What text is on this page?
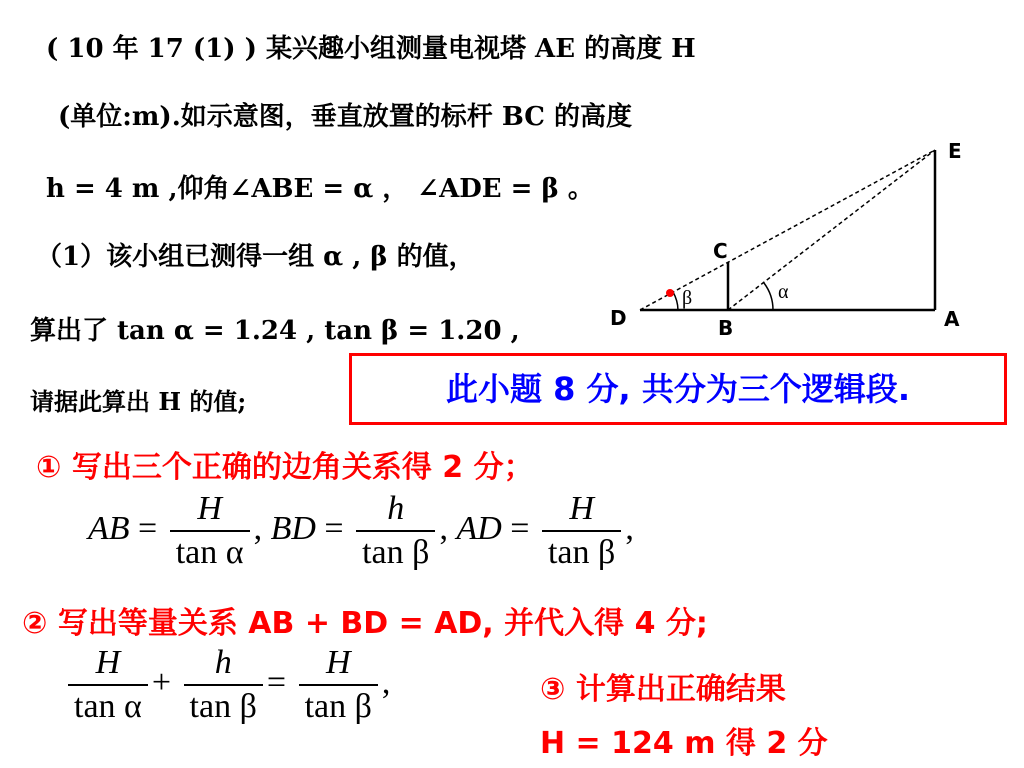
( 10 年 17 (1) ) 某兴趣小组测量电视塔 AE 的高度 H
(单位:m).如示意图，垂直放置的标杆 BC 的高度
h = 4 m ,仰角∠ABE = α ， ∠ADE = β 。
（1）该小组已测得一组 α , β 的值，
算出了 tan α = 1.24 , tan β = 1.20 ,
请据此算出 H 的值;	此小题 8 分, 共分为三个逻辑段.
E
C
D	B	A
β	α
① 写出三个正确的边角关系得 2 分；
AB = $\frac{H}{\text{tan α}}$ , BD = $\frac{h}{\text{tan β}}$ , AD = $\frac{H}{\text{tan β}}$ ,
② 写出等量关系 AB + BD = AD, 并代入得 4 分;
$\frac{H}{\text{tan α}} + \frac{h}{\text{tan β}} = \frac{H}{\text{tan β}}$ ,	③ 计算出正确结果
H = 124 m 得 2 分
